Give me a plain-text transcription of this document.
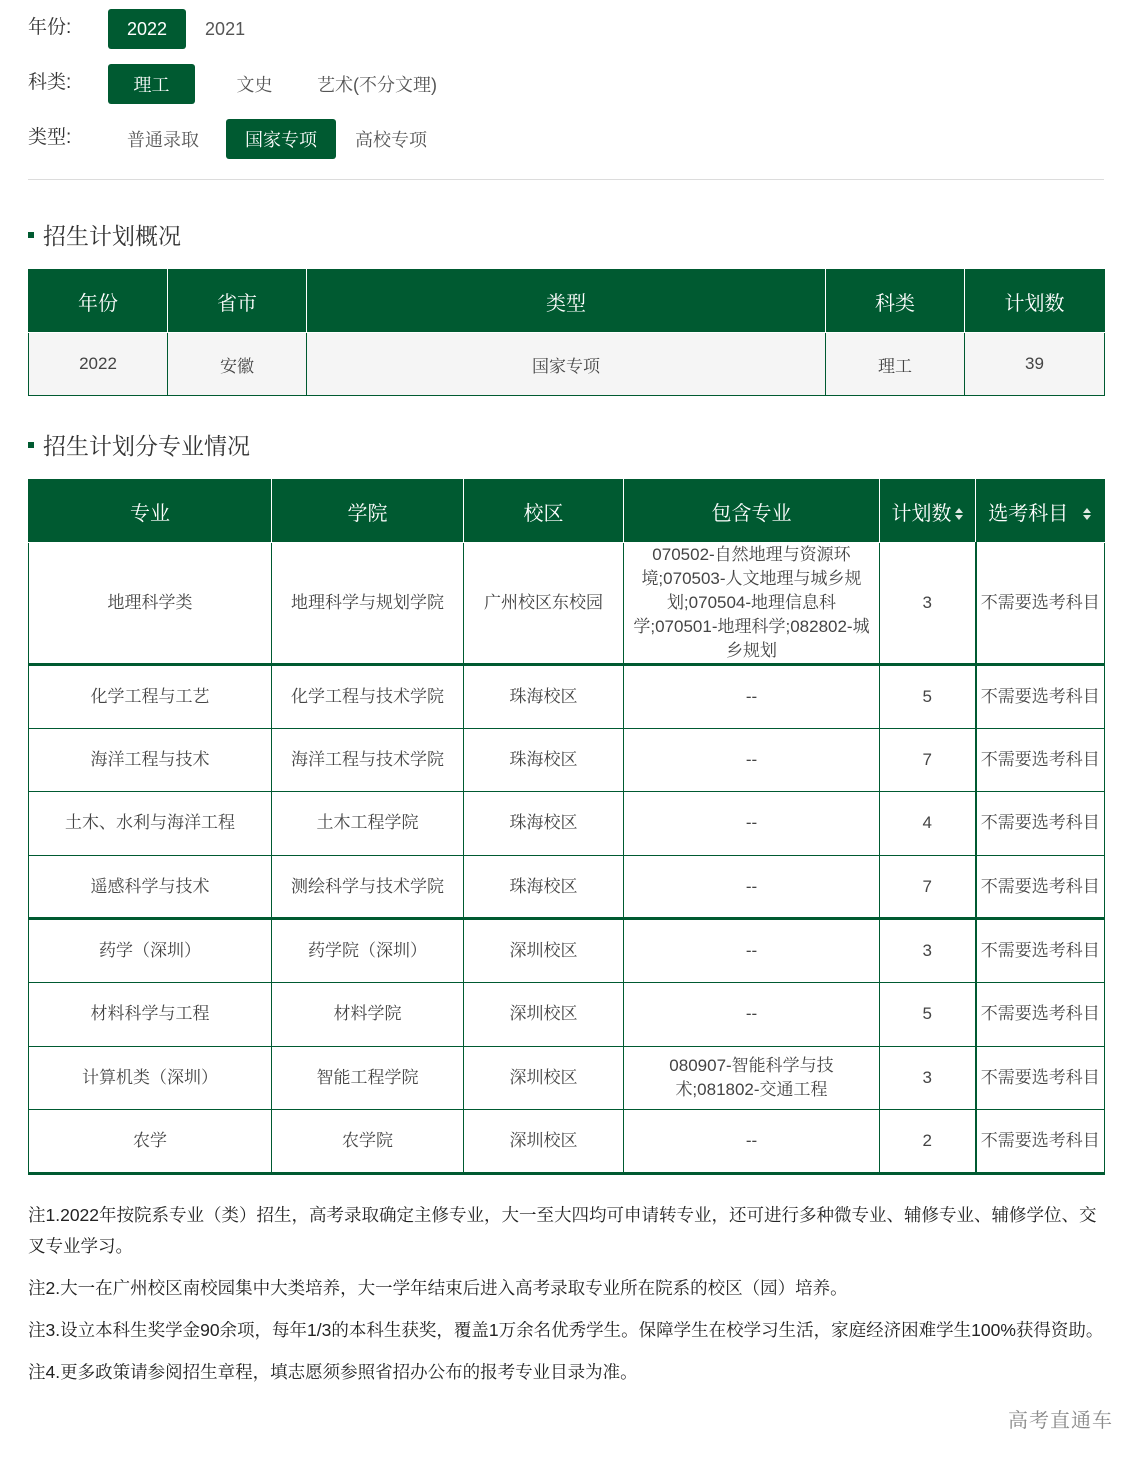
年份:	2022	2021
科类:	理工	文史	艺术(不分文理)
类型:	普通录取	国家专项	高校专项
招生计划概况
年份	省市	类型	科类	计划数
2022	安徽	国家专项	理工	39
招生计划分专业情况
专业	学院	校区	包含专业	计划数	选考科目

地理科学类	地理科学与规划学院	广州校区东校园	070502-自然地理与资源环境;070503-人文地理与城乡规划;070504-地理信息科学;070501-地理科学;082802-城乡规划	3	不需要选考科目
化学工程与工艺	化学工程与技术学院	珠海校区	--	5	不需要选考科目
海洋工程与技术	海洋工程与技术学院	珠海校区	--	7	不需要选考科目
土木、水利与海洋工程	土木工程学院	珠海校区	--	4	不需要选考科目
遥感科学与技术	测绘科学与技术学院	珠海校区	--	7	不需要选考科目
药学（深圳）	药学院（深圳）	深圳校区	--	3	不需要选考科目
材料科学与工程	材料学院	深圳校区	--	5	不需要选考科目
计算机类（深圳）	智能工程学院	深圳校区	080907-智能科学与技术;081802-交通工程	3	不需要选考科目
农学	农学院	深圳校区	--	2	不需要选考科目

注1.2022年按院系专业（类）招生，高考录取确定主修专业，大一至大四均可申请转专业，还可进行多种微专业、辅修专业、辅修学位、交叉专业学习。

注2.大一在广州校区南校园集中大类培养，大一学年结束后进入高考录取专业所在院系的校区（园）培养。

注3.设立本科生奖学金90余项，每年1/3的本科生获奖，覆盖1万余名优秀学生。保障学生在校学习生活，家庭经济困难学生100%获得资助。

注4.更多政策请参阅招生章程，填志愿须参照省招办公布的报考专业目录为准。

高考直通车
